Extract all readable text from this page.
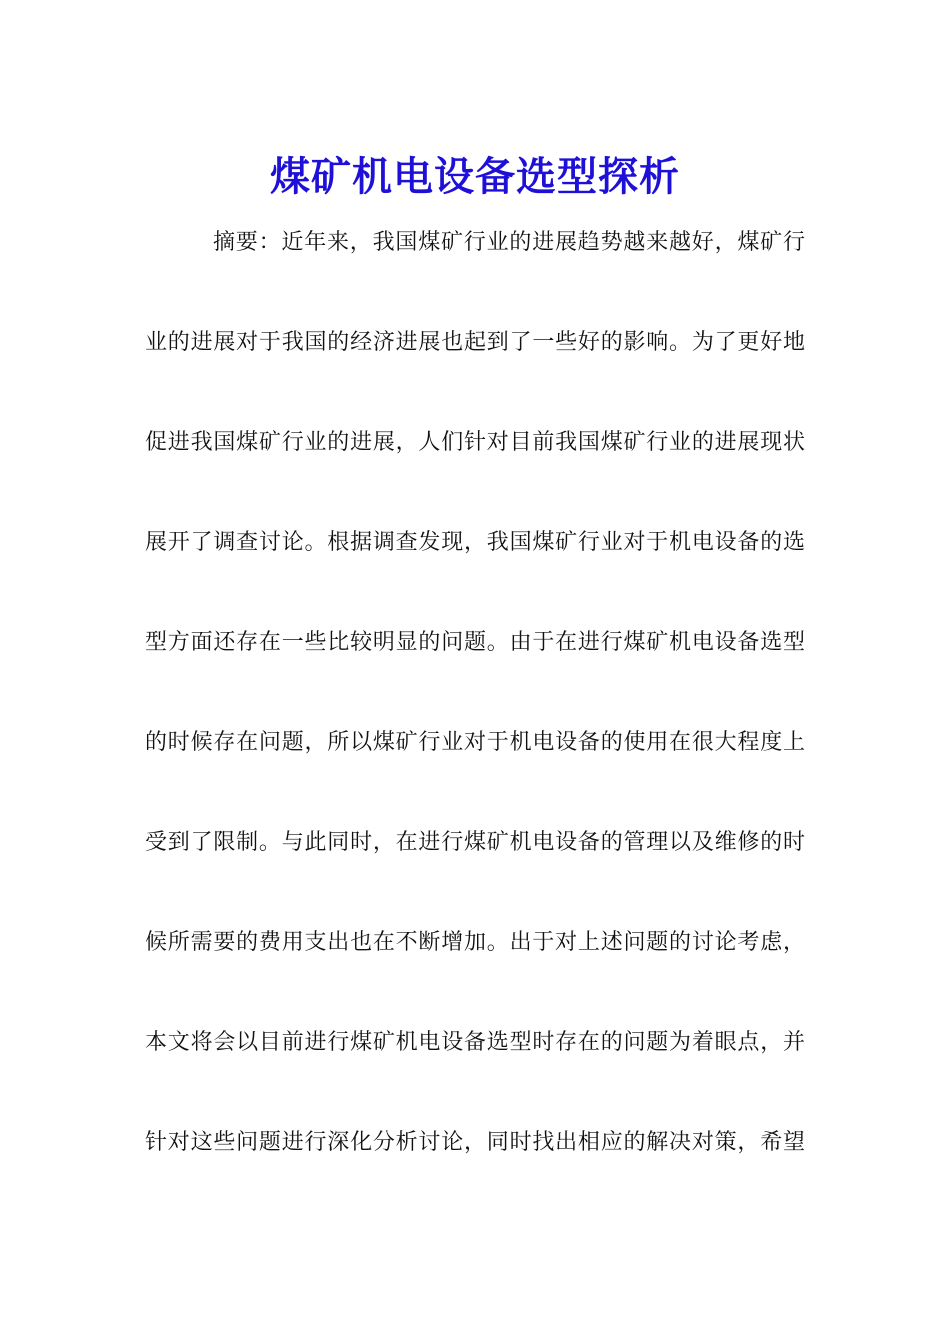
煤矿机电设备选型探析
摘要：近年来，我国煤矿行业的进展趋势越来越好，煤矿行
业的进展对于我国的经济进展也起到了一些好的影响。为了更好地
促进我国煤矿行业的进展，人们针对目前我国煤矿行业的进展现状
展开了调查讨论。根据调查发现，我国煤矿行业对于机电设备的选
型方面还存在一些比较明显的问题。由于在进行煤矿机电设备选型
的时候存在问题，所以煤矿行业对于机电设备的使用在很大程度上
受到了限制。与此同时，在进行煤矿机电设备的管理以及维修的时
候所需要的费用支出也在不断增加。出于对上述问题的讨论考虑，
本文将会以目前进行煤矿机电设备选型时存在的问题为着眼点，并
针对这些问题进行深化分析讨论，同时找出相应的解决对策，希望
